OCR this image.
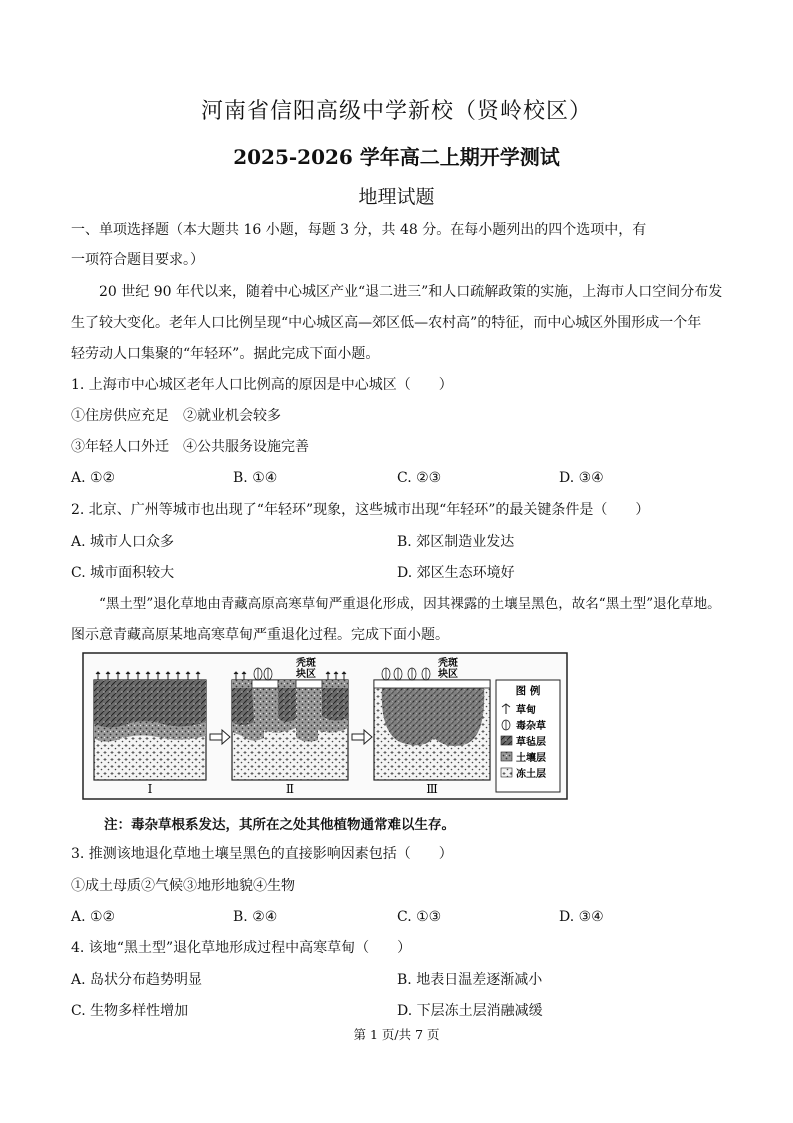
河南省信阳高级中学新校（贤岭校区）
2025-2026 学年高二上期开学测试
地理试题
一、单项选择题（本大题共 16 小题，每题 3 分，共 48 分。在每小题列出的四个选项中，有
一项符合题目要求。）
20 世纪 90 年代以来，随着中心城区产业“退二进三”和人口疏解政策的实施，上海市人口空间分布发
生了较大变化。老年人口比例呈现“中心城区高—郊区低—农村高”的特征，而中心城区外围形成一个年
轻劳动人口集聚的“年轻环”。据此完成下面小题。
1. 上海市中心城区老年人口比例高的原因是中心城区（　　）
①住房供应充足　②就业机会较多
③年轻人口外迁　④公共服务设施完善
A. ①②	B. ①④	C. ②③	D. ③④
2. 北京、广州等城市也出现了“年轻环”现象，这些城市出现“年轻环”的最关键条件是（　　）
A. 城市人口众多	B. 郊区制造业发达
C. 城市面积较大	D. 郊区生态环境好
“黑土型”退化草地由青藏高原高寒草甸严重退化形成，因其裸露的土壤呈黑色，故名“黑土型”退化草地。
图示意青藏高原某地高寒草甸严重退化过程。完成下面小题。
Ⅰ
秃斑
块区
Ⅱ
秃斑
块区
Ⅲ
图 例
草甸
毒杂草
草毡层
土壤层
冻土层
注：毒杂草根系发达，其所在之处其他植物通常难以生存。
3. 推测该地退化草地土壤呈黑色的直接影响因素包括（　　）
①成土母质②气候③地形地貌④生物
A. ①②	B. ②④	C. ①③	D. ③④
4. 该地“黑土型”退化草地形成过程中高寒草甸（　　）
A. 岛状分布趋势明显	B. 地表日温差逐渐减小
C. 生物多样性增加	D. 下层冻土层消融减缓
第 1 页/共 7 页
